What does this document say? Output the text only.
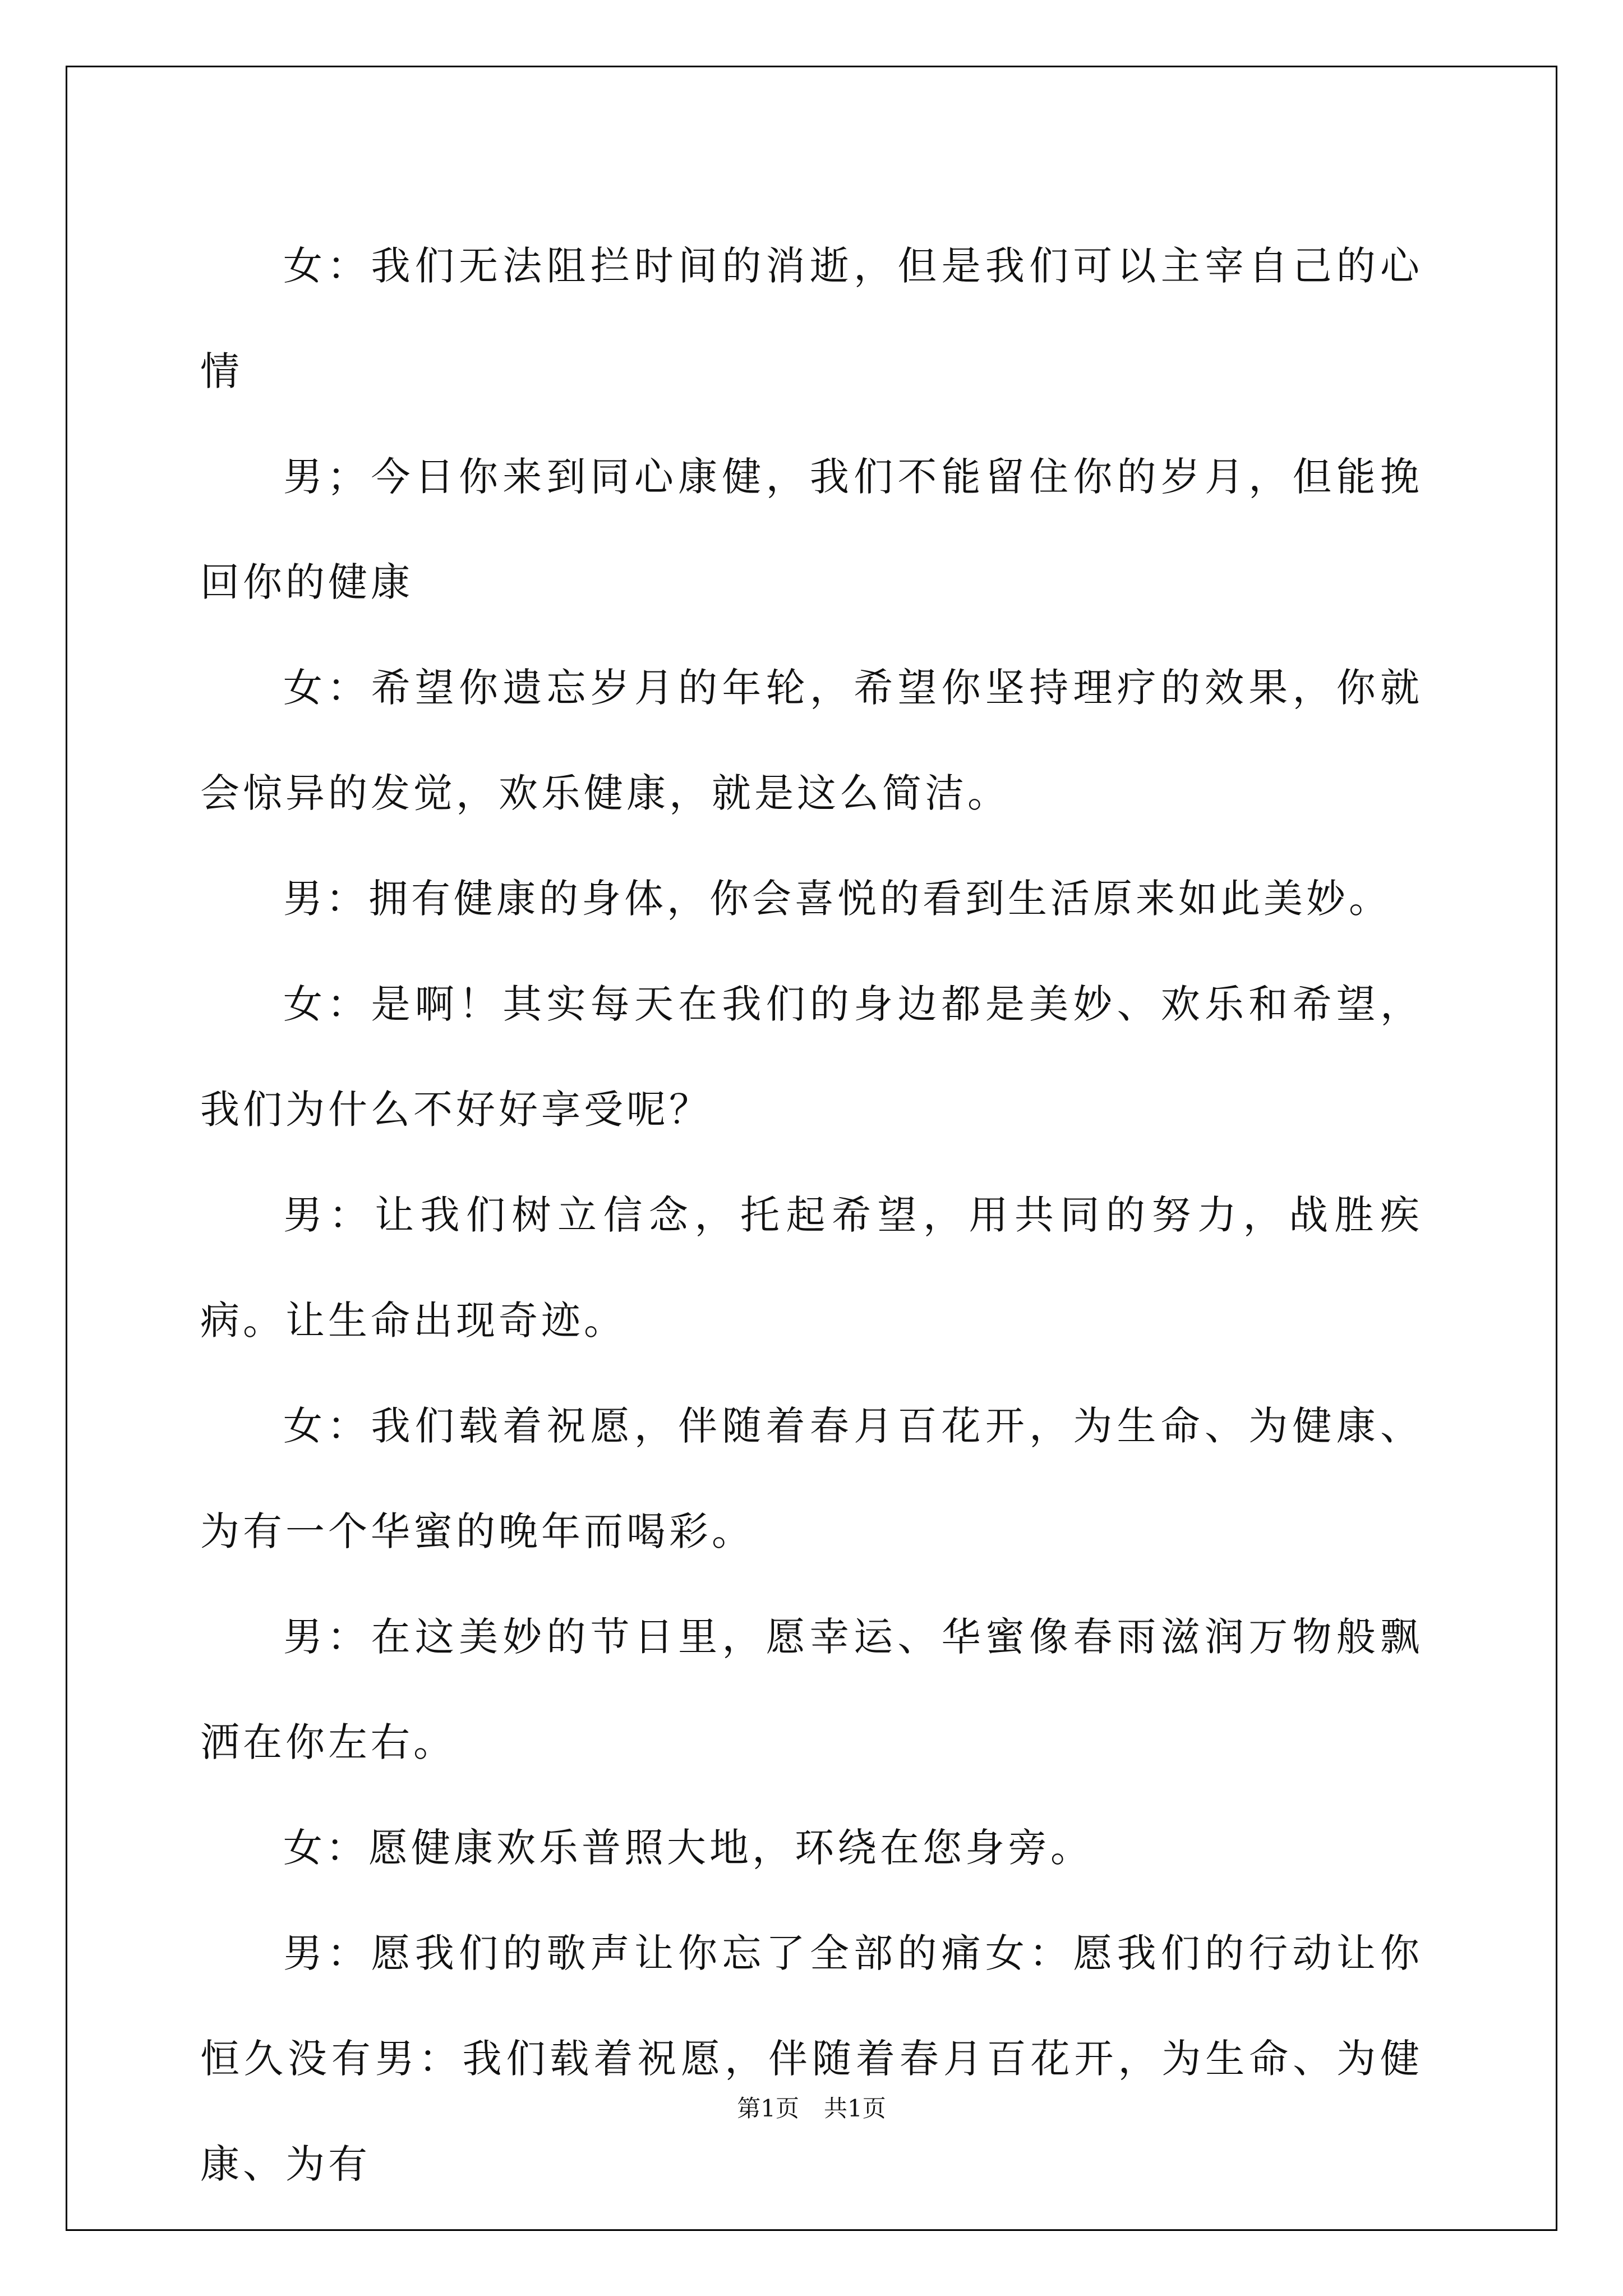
女：我们无法阻拦时间的消逝，但是我们可以主宰自己的心情

男；今日你来到同心康健，我们不能留住你的岁月，但能挽回你的健康

女：希望你遗忘岁月的年轮，希望你坚持理疗的效果，你就会惊异的发觉，欢乐健康，就是这么简洁。

男：拥有健康的身体，你会喜悦的看到生活原来如此美妙。

女：是啊！其实每天在我们的身边都是美妙、欢乐和希望，我们为什么不好好享受呢？

男：让我们树立信念，托起希望，用共同的努力，战胜疾病。让生命出现奇迹。

女：我们载着祝愿，伴随着春月百花开，为生命、为健康、为有一个华蜜的晚年而喝彩。

男：在这美妙的节日里，愿幸运、华蜜像春雨滋润万物般飘洒在你左右。

女：愿健康欢乐普照大地，环绕在您身旁。

男：愿我们的歌声让你忘了全部的痛女：愿我们的行动让你恒久没有男：我们载着祝愿，伴随着春月百花开，为生命、为健康、为有

第1页 共1页
